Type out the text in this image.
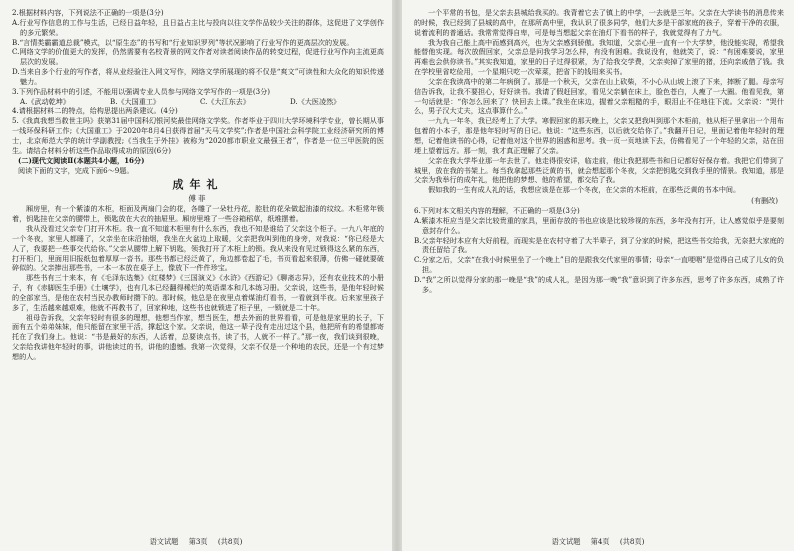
2.根据材料内容，下列说法不正确的一项是(3分)

A.行业写作信息的工作与生活，已经日益年轻，且日益占主比与投向以往文学作品较少关注的群体，这促进了文学创作的多元繁荣。

B.“言情类霸霸道总裁”模式，以“原生态”的书写和“行业知识罗列”等状况影响了行业写作的更高层次的发展。

C.网络文学的价值更大的发挥，仍然需要有名校背景的网文作者对读者阅读作品的转变过程，促进行业写作向主流更高层次的发展。

D.当来自多个行业的写作者，将从业经验注入网文写作，网络文学所展现的将不仅是“爽文”可读性和大众化的知识传递魅力。

3.下列作品材料中的引述，不能用以强调专业人员参与网络文学写作的一项是(3分)

A.《武动乾坤》	B.《大国重工》	C.《大江东去》	D.《大医凌然》

4.请根据材料二的特点，给构思提出两条建议。(4分)

5.《我真我想当救世主吗》获第31届中国科幻银河奖最佳网络文学奖。作者毕业于四川大学环境科学专业，曾长期从事一线环保科研工作;《大国重工》于2020年8月4日获得首届“天马文学奖”;作者是中国社会科学院工业经济研究所的博士，北京师范大学的统计学副教授;《当我生于外挂》被称为“2020都市职业文最强王者”，作者是一位三甲医院的医生。请结合材料分析这些作品取得成功的原因(6分)

(二)现代文阅读Ⅱ(本题共4小题，16分)

阅读下面的文字，完成下面6～9题。

成年礼
傅菲

厢房里，有一个紫漆的木柜，柜面及两扇门会的花，各雕了一朵牡丹花，腔肚的花朵做起油漆的纹纹。木柜常年锁着，钥匙挂在父亲的腰带上，锁匙放在大衣的抽屉里。厢房里堆了一些谷箱稻草，纸堆摆着。

我从没看过父亲专门打开木柜。我一直不知道木柜里有什么东西，我也不知是谁给了父亲这个柜子。一九八年底的一个冬夜，家里人都睡了，父亲坐在床沿抽烟，我坐在火盆边上取暖，父亲把我叫到他的身旁，对我说：“你已经是大人了，我要把一些事交代给你。”父亲从腰带上解下钥匙，领我打开了木柜上的锁。我从来没有见过锁得这么紧的东西，打开柜门，里面用旧报纸包着厚厚一沓书。那些书都已经泛黄了，角边都卷起了毛，书页看起来很薄，仿佛一碰就要破碎似的。父亲捧出那些书，一本一本放在桌子上，像放下一件件珍宝。

那些书有三十来本，有《毛泽东选集》《红楼梦》《三国演义》《水浒》《西游记》《聊斋志异》，还有农业技术的小册子，有《赤脚医生手册》《土壤学》，也有几本已经翻得稀烂的英语课本和几本练习册。父亲说，这些书，是他年轻时候的全部家当，是他在农村当民办教师时攒下的。那时候，他总是在夜里点着煤油灯看书，一看就到半夜。后来家里孩子多了，生活越来越艰难，他就不再教书了，回家种地，这些书也就锁进了柜子里，一锁就是二十年。

祖母告诉我，父亲年轻时有很多的理想，他想当作家，想当医生，想去外面的世界看看，可是他是家里的长子，下面有五个弟弟妹妹，他只能留在家里干活，撑起这个家。父亲说，他这一辈子没有走出过这个县，他把所有的希望都寄托在了我们身上。他说：“书是最好的东西，人活着，总要读点书，读了书，人就不一样了。”那一夜，我们谈到很晚，父亲给我讲他年轻时的事，讲他读过的书，讲他的遗憾。我第一次觉得，父亲不仅是一个种地的农民，还是一个有过梦想的人。

语文试题 第3页 (共8页)

一个平常的书包，是父亲去县城给我买的。我背着它去了镇上的中学，一去就是三年。父亲在大学读书的消息传来的时候，我已经到了县城的高中，在那所高中里，我认识了很多同学，他们大多是干部家庭的孩子，穿着干净的衣服，说着流利的普通话。我常常觉得自卑，可是每当想起父亲在油灯下看书的样子，我就觉得有了力气。

我为我自己能上高中而感到高兴，也为父亲感到骄傲。我知道，父亲心里一直有一个大学梦，他没能实现，希望我能替他实现。每次放假回家，父亲总是问我学习怎么样，有没有困难。我说没有，他就笑了，说：“有困难要说，家里再难也会供你读书。”其实我知道，家里的日子过得很紧，为了给我交学费，父亲卖掉了家里的猪，还向亲戚借了钱。我在学校里省吃俭用，一个星期只吃一次荤菜，把省下的钱用来买书。

父亲在我读高中的第二年病倒了。那是一个秋天，父亲在山上砍柴，不小心从山坡上滚了下来，摔断了腿。母亲写信告诉我，让我不要担心，好好读书。我请了假赶回家，看见父亲躺在床上，脸色苍白，人瘦了一大圈。他看见我，第一句话就是：“你怎么回来了？快回去上课。”我坐在床边，握着父亲粗糙的手，眼泪止不住地往下流。父亲说：“哭什么，男子汉大丈夫，这点事算什么。”

一九九一年冬，我已经考上了大学。寒假回家的那天晚上，父亲又把我叫到那个木柜前，他从柜子里拿出一个用布包着的小本子，那是他年轻时写的日记。他说：“这些东西，以后就交给你了。”我翻开日记，里面记着他年轻时的理想，记着他读书的心得，记着他对这个世界的困惑和思考。我一页一页地读下去，仿佛看见了一个年轻的父亲，站在田埂上望着远方。那一刻，我才真正理解了父亲。

父亲在我大学毕业那一年去世了。他走得很安详，临走前，他让我把那些书和日记都好好保存着。我把它们带到了城里，放在我的书架上。每当我拿起那些泛黄的书，就会想起那个冬夜，父亲把钥匙交到我手里的情景。我知道，那是父亲为我举行的成年礼，他把他的梦想、他的希望，都交给了我。

假如我的一生有成人礼的话，我想应该是在那一个冬夜，在父亲的木柜前，在那些泛黄的书本中间。

(有删改)

6.下列对本文相关内容的理解，不正确的一项是(3分)

A.紫漆木柜应当是父亲比较贵重的家具，里面存放的书也应该是比较珍视的东西，多年没有打开，让人感觉似乎是要刻意封存什么。

B.父亲年轻时本应有大好前程，而现实是在农村守着了大半辈子，到了分家的时候，把这些书交给我，无奈把大家庭的责任留给了我。

C.分家之后，父亲“在我小时候里坐了一个晚上”目的是跟我交代家里的事情；母亲“一直哽咽”是觉得自己成了儿女的负担。

D.“我”之所以觉得分家的那一晚是“我”的成人礼，是因为那一晚“我”意识到了许多东西，思考了许多东西，成熟了许多。

语文试题 第4页 (共8页)
